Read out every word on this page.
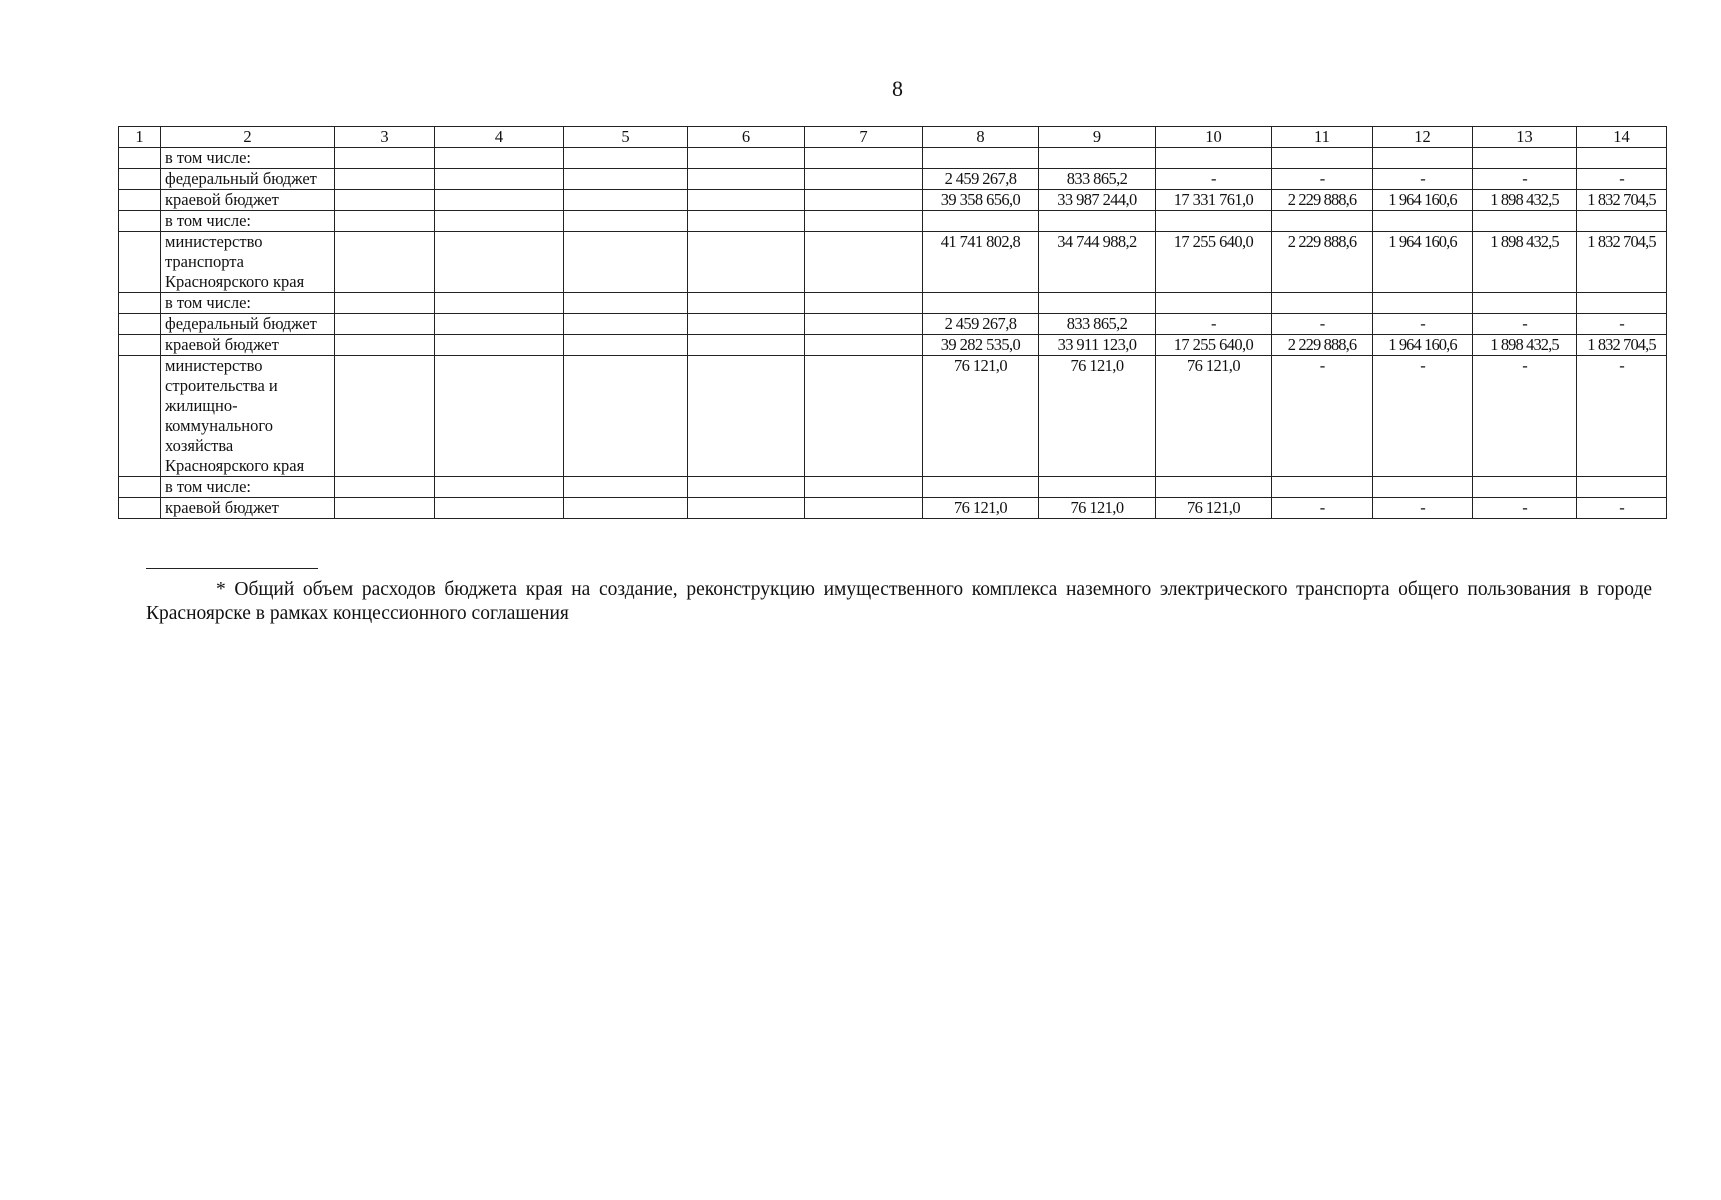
8
1	2	3	4	5	6	7	8	9	10	11	12	13	14
	в том числе:												
	федеральный бюджет						2 459 267,8	833 865,2	-	-	-	-	-
	краевой бюджет						39 358 656,0	33 987 244,0	17 331 761,0	2 229 888,6	1 964 160,6	1 898 432,5	1 832 704,5
	в том числе:												
	министерство транспорта Красноярского края						41 741 802,8	34 744 988,2	17 255 640,0	2 229 888,6	1 964 160,6	1 898 432,5	1 832 704,5
	в том числе:												
	федеральный бюджет						2 459 267,8	833 865,2	-	-	-	-	-
	краевой бюджет						39 282 535,0	33 911 123,0	17 255 640,0	2 229 888,6	1 964 160,6	1 898 432,5	1 832 704,5
	министерство строительства и жилищно-коммунального хозяйства Красноярского края						76 121,0	76 121,0	76 121,0	-	-	-	-
	в том числе:												
	краевой бюджет						76 121,0	76 121,0	76 121,0	-	-	-	-
* Общий объем расходов бюджета края на создание, реконструкцию имущественного комплекса наземного электрического транспорта общего пользования в городе Красноярске в рамках концессионного соглашения
